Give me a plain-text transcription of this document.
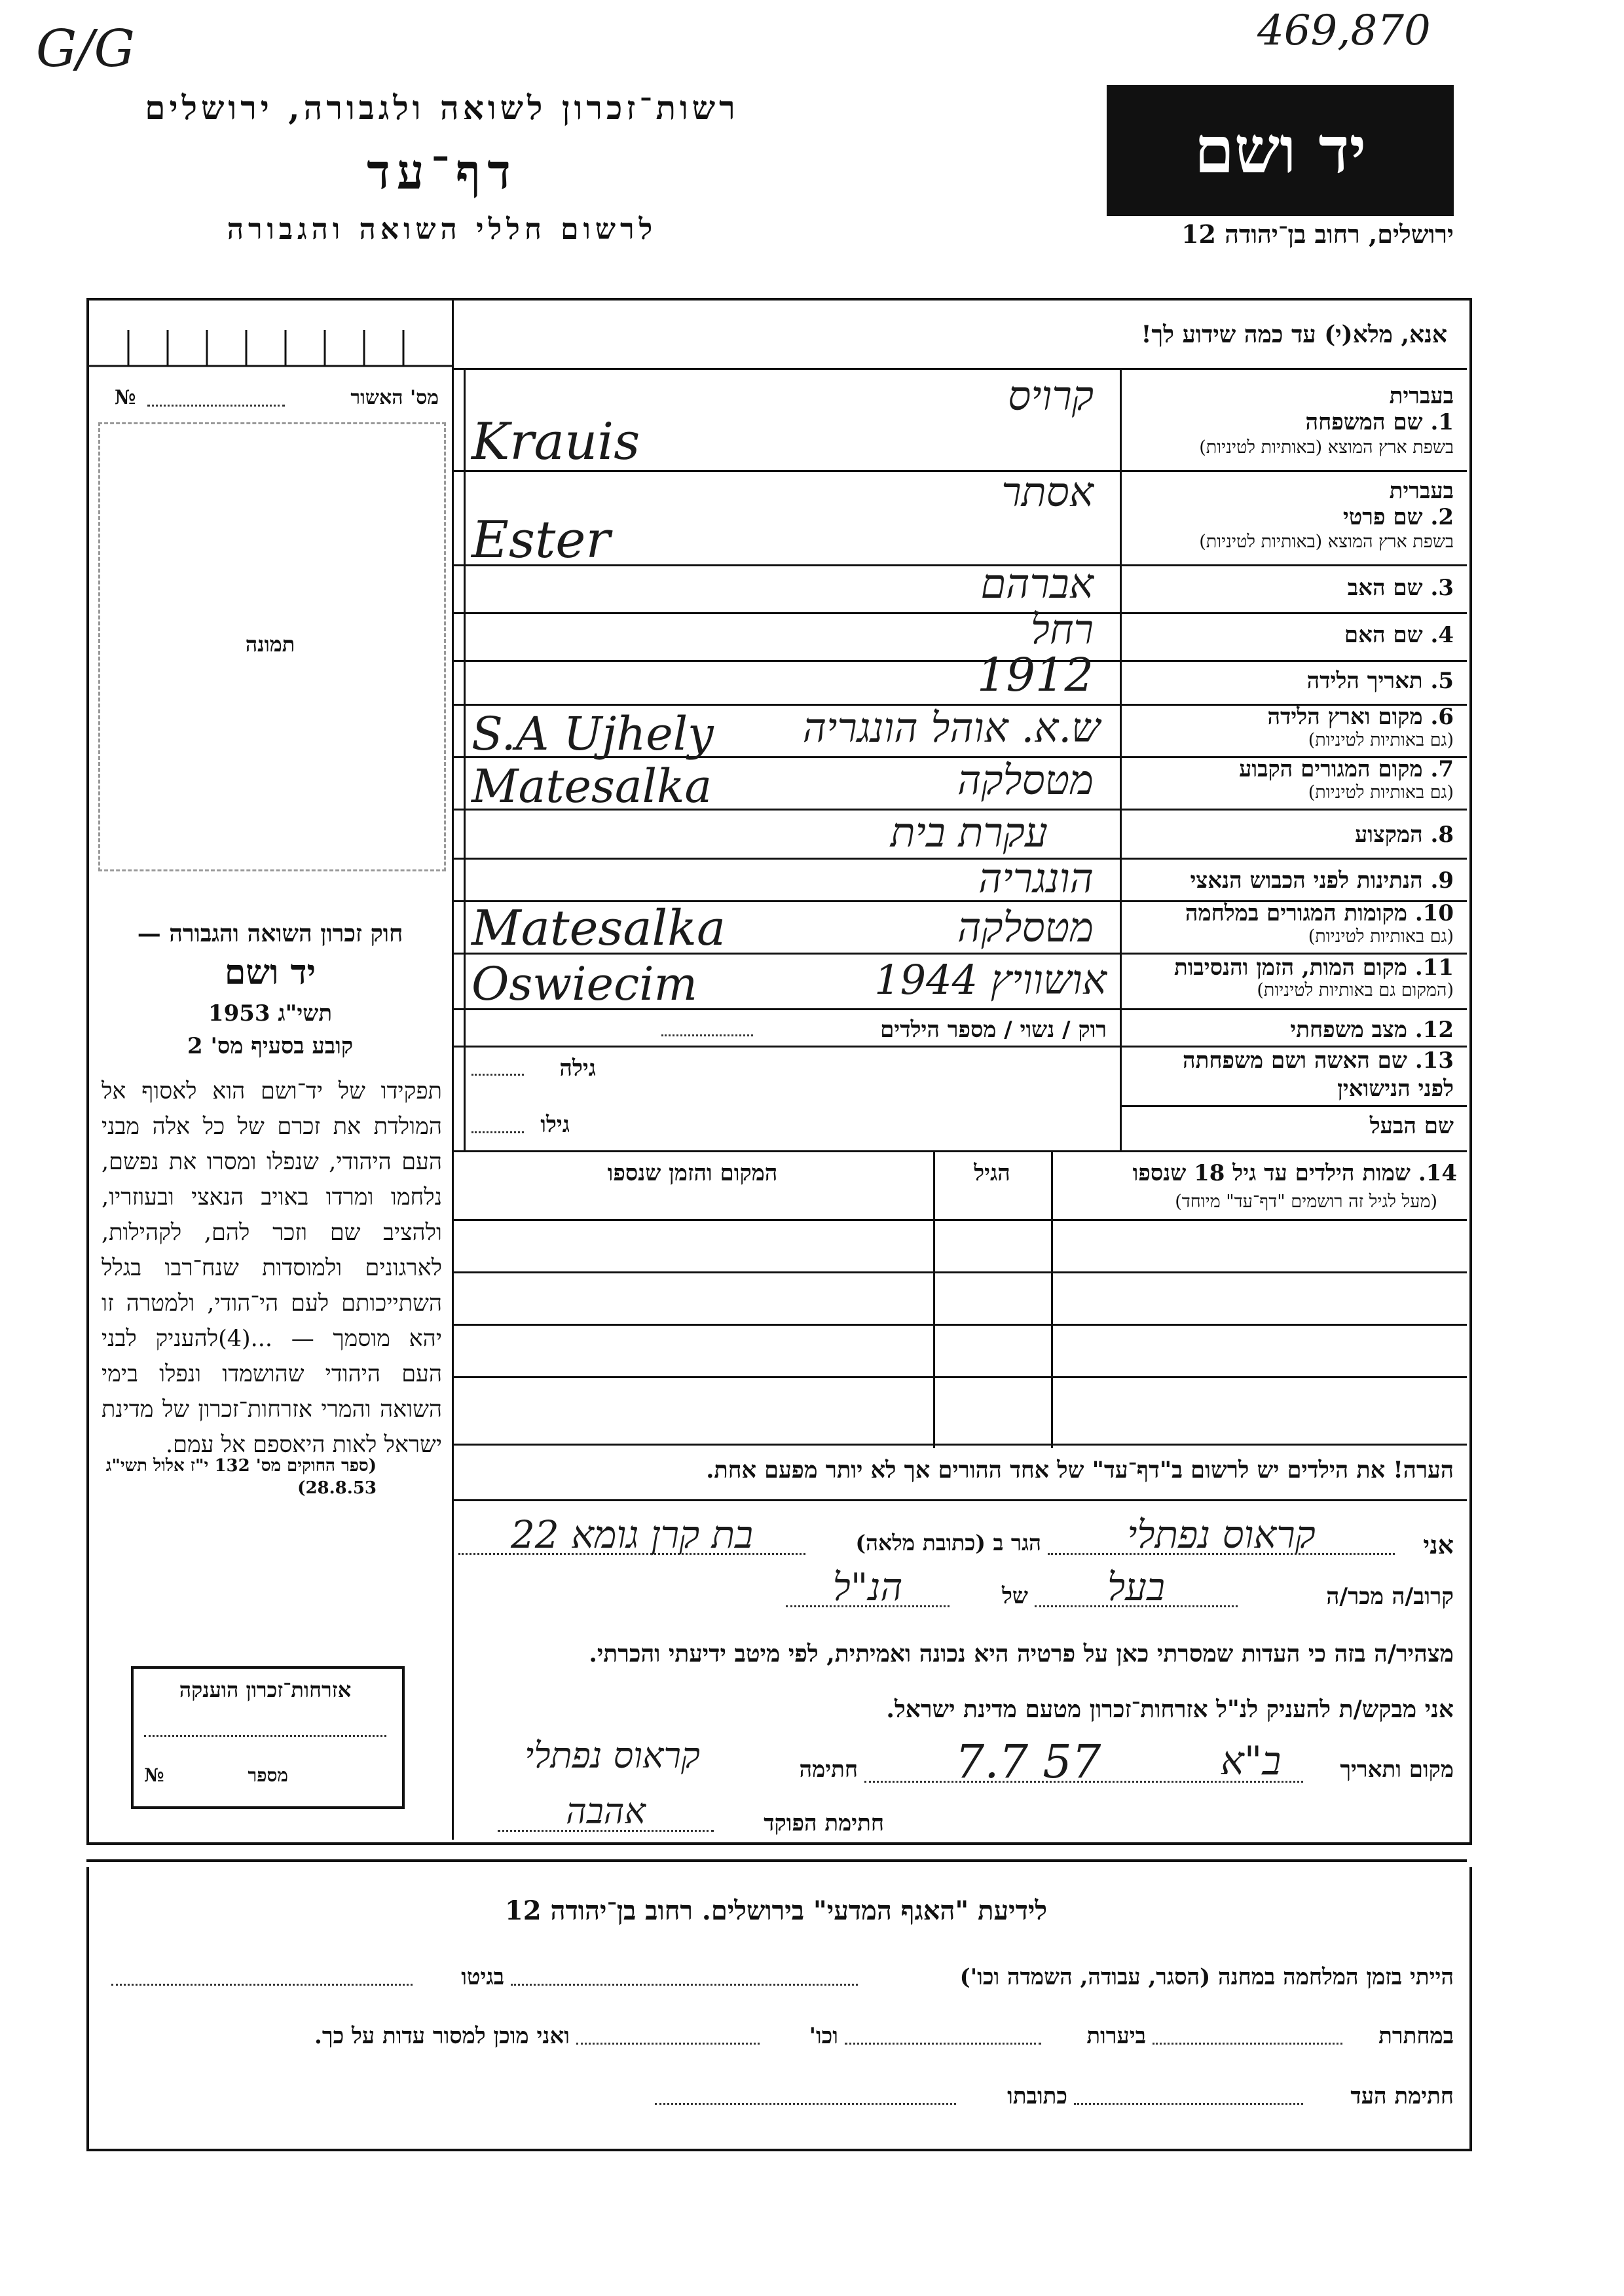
G/G	469,870
רשות־זכרון לשואה ולגבורה, ירושלים
דף־עד
לרשום חללי השואה והגבורה
יד ושם
ירושלים, רחוב בן־יהודה 12
אנא, מלא(י) עד כמה שידוע לך!
בעברית
1. שם המשפחה
בשפת ארץ המוצא (באותיות לטיניות)
קרויס
Krauis
בעברית
2. שם פרטי
בשפת ארץ המוצא (באותיות לטיניות)
אסתר
Ester
3. שם האב
אברהם
4. שם האם
רחל
5. תאריך הלידה
1912
6. מקום וארץ הלידה
(גם באותיות לטיניות)
ש.א. אוהל הונגריה
S.A Ujhely
7. מקום המגורים הקבוע
(גם באותיות לטיניות)
מטסלקה
Matesalka
8. המקצוע
עקרת בית
9. הנתינות לפני הכבוש הנאצי
הונגריה
10. מקומות המגורים במלחמה
(גם באותיות לטיניות)
מטסלקה
Matesalka
11. מקום המות, הזמן והנסיבות
(המקום גם באותיות לטיניות)
אושוויץ 1944
Oswiecim
12. מצב משפחתי
רוק / נשוי / מספר הילדים
13. שם האשה ושם משפחתה
לפני הנישואין
גילה
שם הבעל
גילו
14. שמות הילדים עד גיל 18 שנספו
(מעל לגיל זה רושמים "דף־עד" מיוחד)
הגיל
המקום והזמן שנספו
הערה! את הילדים יש לרשום ב"דף־עד" של אחד ההורים אך לא יותר מפעם אחת.
אני
קראוס נפתלי
הגר ב (כתובת מלאה)
בת קרן גומא 22
קרוב/ה מכר/ה
בעל
של
הנ"ל
מצהיר/ה בזה כי העדות שמסרתי כאן על פרטיה היא נכונה ואמיתית, לפי מיטב ידיעתי והכרתי.
אני מבקש/ת להעניק לנ"ל אזרחות־זכרון מטעם מדינת ישראל.
מקום ותאריך
ב"א
7.7 57
חתימה
קראוס נפתלי
חתימת הפוקד
אהבה
№	מס' האשור
תמונה
חוק זכרון השואה והגבורה —
יד ושם
תשי"ג 1953
קובע בסעיף מס' 2
תפקידו של יד־ושם הוא לאסוף אל המולדת את זכרם של כל אלה מבני העם היהודי, שנפלו ומסרו את נפשם, נלחמו ומרדו באויב הנאצי ובעוזריו, ולהציב שם וזכר להם, לקהילות, לארגונים ולמוסדות שנח־רבו בגלל השתייכותם לעם הי־הודי, ולמטרה זו יהא מוסמך — ...(4)להעניק לבני העם היהודי שהושמדו ונפלו בימי השואה והמרי אזרחות־זכרון של מדינת ישראל לאות היאספם אל עמם.
(ספר החוקים מס' 132 י"ז אלול תשי"ג 28.8.53)
אזרחות־זכרון הוענקה
מספר
№
לידיעת "האגף המדעי" בירושלים. רחוב בן־יהודה 12
הייתי בזמן המלחמה במחנה (הסגר, עבודה, השמדה וכו')
בגיטו
במחתרת
ביערות
וכו'
ואני מוכן למסור עדות על כך.
חתימת העד
כתובתו
